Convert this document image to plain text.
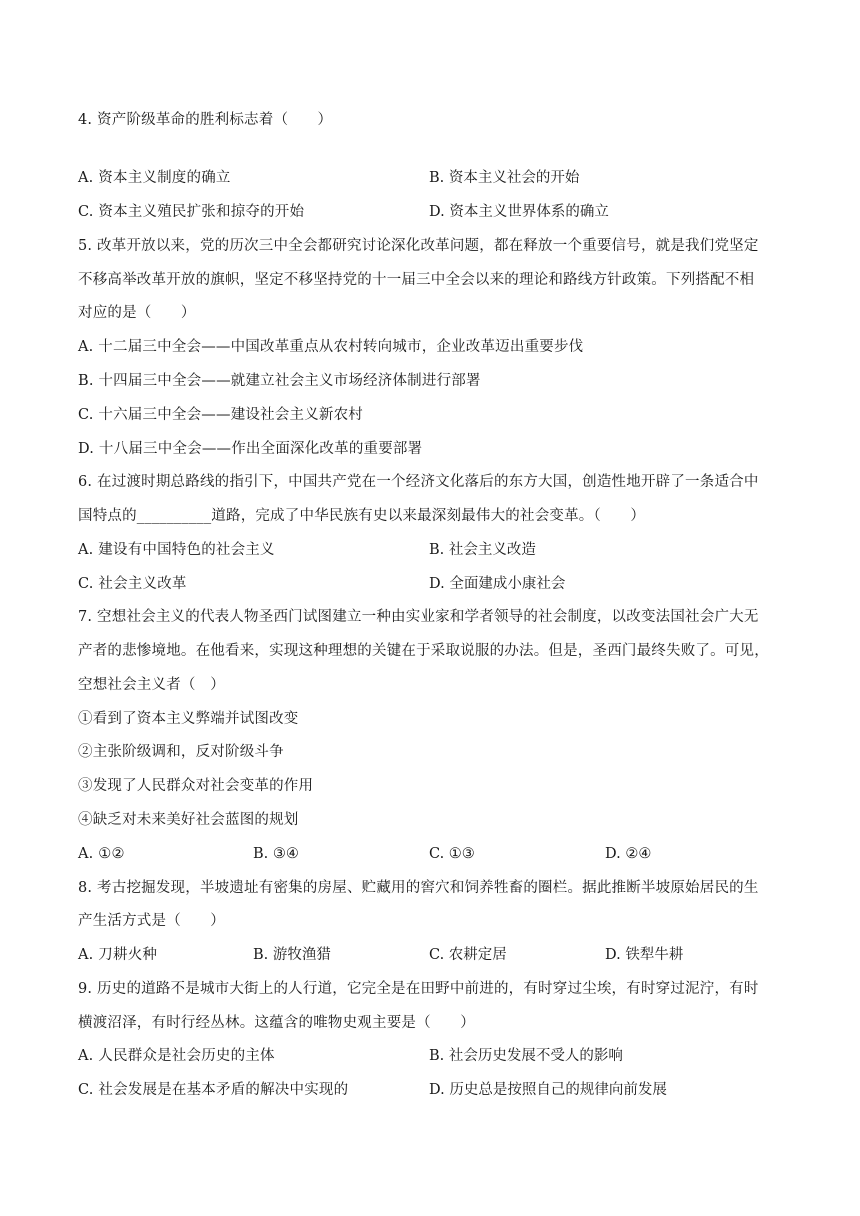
4. 资产阶级革命的胜利标志着（　　）
A. 资本主义制度的确立	B. 资本主义社会的开始
C. 资本主义殖民扩张和掠夺的开始	D. 资本主义世界体系的确立
5. 改革开放以来，党的历次三中全会都研究讨论深化改革问题，都在释放一个重要信号，就是我们党坚定
不移高举改革开放的旗帜，坚定不移坚持党的十一届三中全会以来的理论和路线方针政策。下列搭配不相
对应的是（　　）
A. 十二届三中全会——中国改革重点从农村转向城市，企业改革迈出重要步伐
B. 十四届三中全会——就建立社会主义市场经济体制进行部署
C. 十六届三中全会——建设社会主义新农村
D. 十八届三中全会——作出全面深化改革的重要部署
6. 在过渡时期总路线的指引下，中国共产党在一个经济文化落后的东方大国，创造性地开辟了一条适合中
国特点的__________道路，完成了中华民族有史以来最深刻最伟大的社会变革。（　　）
A. 建设有中国特色的社会主义	B. 社会主义改造
C. 社会主义改革	D. 全面建成小康社会
7. 空想社会主义的代表人物圣西门试图建立一种由实业家和学者领导的社会制度，以改变法国社会广大无
产者的悲惨境地。在他看来，实现这种理想的关键在于采取说服的办法。但是，圣西门最终失败了。可见，
空想社会主义者（　）
①看到了资本主义弊端并试图改变
②主张阶级调和，反对阶级斗争
③发现了人民群众对社会变革的作用
④缺乏对未来美好社会蓝图的规划
A. ①②	B. ③④	C. ①③	D. ②④
8. 考古挖掘发现，半坡遗址有密集的房屋、贮藏用的窖穴和饲养牲畜的圈栏。据此推断半坡原始居民的生
产生活方式是（　　）
A. 刀耕火种	B. 游牧渔猎	C. 农耕定居	D. 铁犁牛耕
9. 历史的道路不是城市大街上的人行道，它完全是在田野中前进的，有时穿过尘埃，有时穿过泥泞，有时
横渡沼泽，有时行经丛林。这蕴含的唯物史观主要是（　　）
A. 人民群众是社会历史的主体	B. 社会历史发展不受人的影响
C. 社会发展是在基本矛盾的解决中实现的	D. 历史总是按照自己的规律向前发展
